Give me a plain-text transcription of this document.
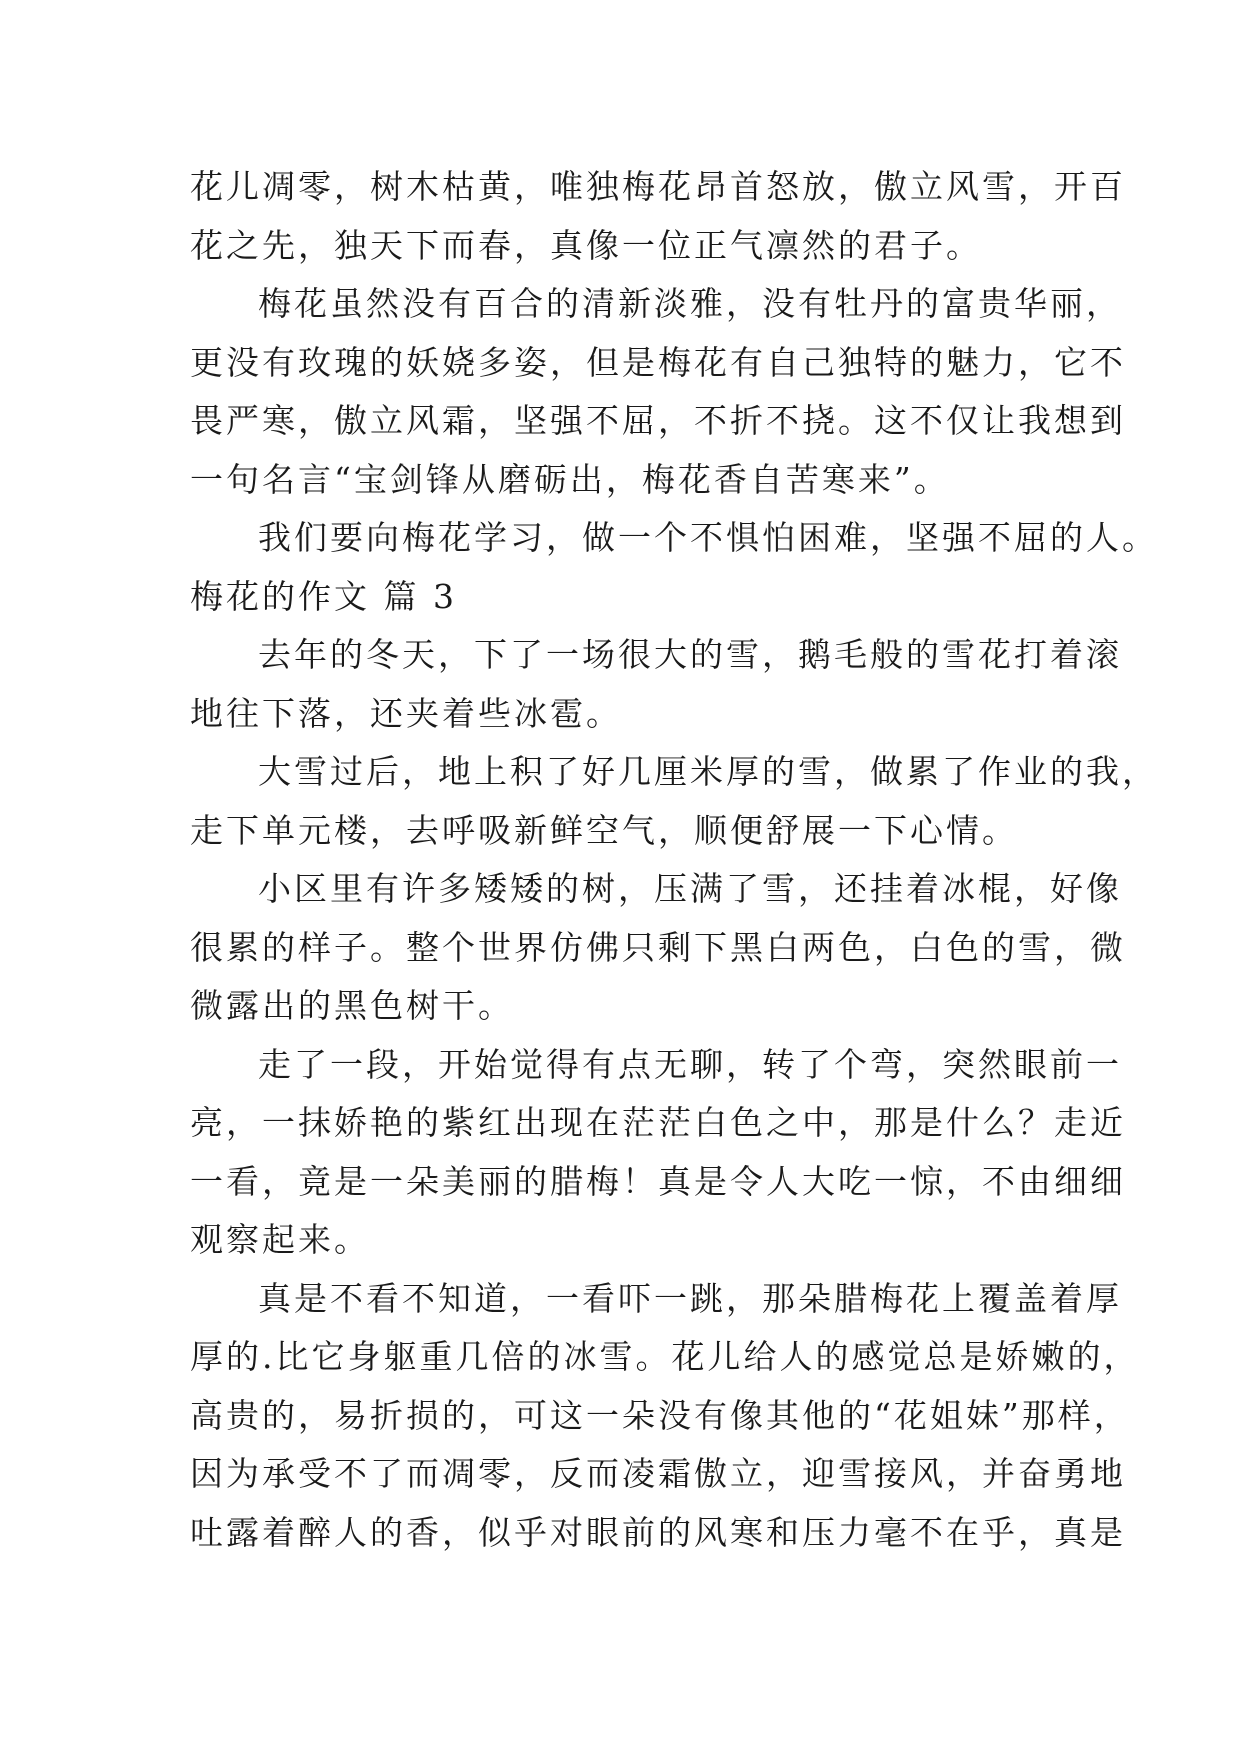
花儿凋零，树木枯黄，唯独梅花昂首怒放，傲立风雪，开百
花之先，独天下而春，真像一位正气凛然的君子。
梅花虽然没有百合的清新淡雅，没有牡丹的富贵华丽，
更没有玫瑰的妖娆多姿，但是梅花有自己独特的魅力，它不
畏严寒，傲立风霜，坚强不屈，不折不挠。这不仅让我想到
一句名言“宝剑锋从磨砺出，梅花香自苦寒来”。
我们要向梅花学习，做一个不惧怕困难，坚强不屈的人。
梅花的作文 篇 3
去年的冬天，下了一场很大的雪，鹅毛般的雪花打着滚
地往下落，还夹着些冰雹。
大雪过后，地上积了好几厘米厚的雪，做累了作业的我，
走下单元楼，去呼吸新鲜空气，顺便舒展一下心情。
小区里有许多矮矮的树，压满了雪，还挂着冰棍，好像
很累的样子。整个世界仿佛只剩下黑白两色，白色的雪，微
微露出的黑色树干。
走了一段，开始觉得有点无聊，转了个弯，突然眼前一
亮，一抹娇艳的紫红出现在茫茫白色之中，那是什么？走近
一看，竟是一朵美丽的腊梅！真是令人大吃一惊，不由细细
观察起来。
真是不看不知道，一看吓一跳，那朵腊梅花上覆盖着厚
厚的.比它身躯重几倍的冰雪。花儿给人的感觉总是娇嫩的，
高贵的，易折损的，可这一朵没有像其他的“花姐妹”那样，
因为承受不了而凋零，反而凌霜傲立，迎雪接风，并奋勇地
吐露着醉人的香，似乎对眼前的风寒和压力毫不在乎，真是
